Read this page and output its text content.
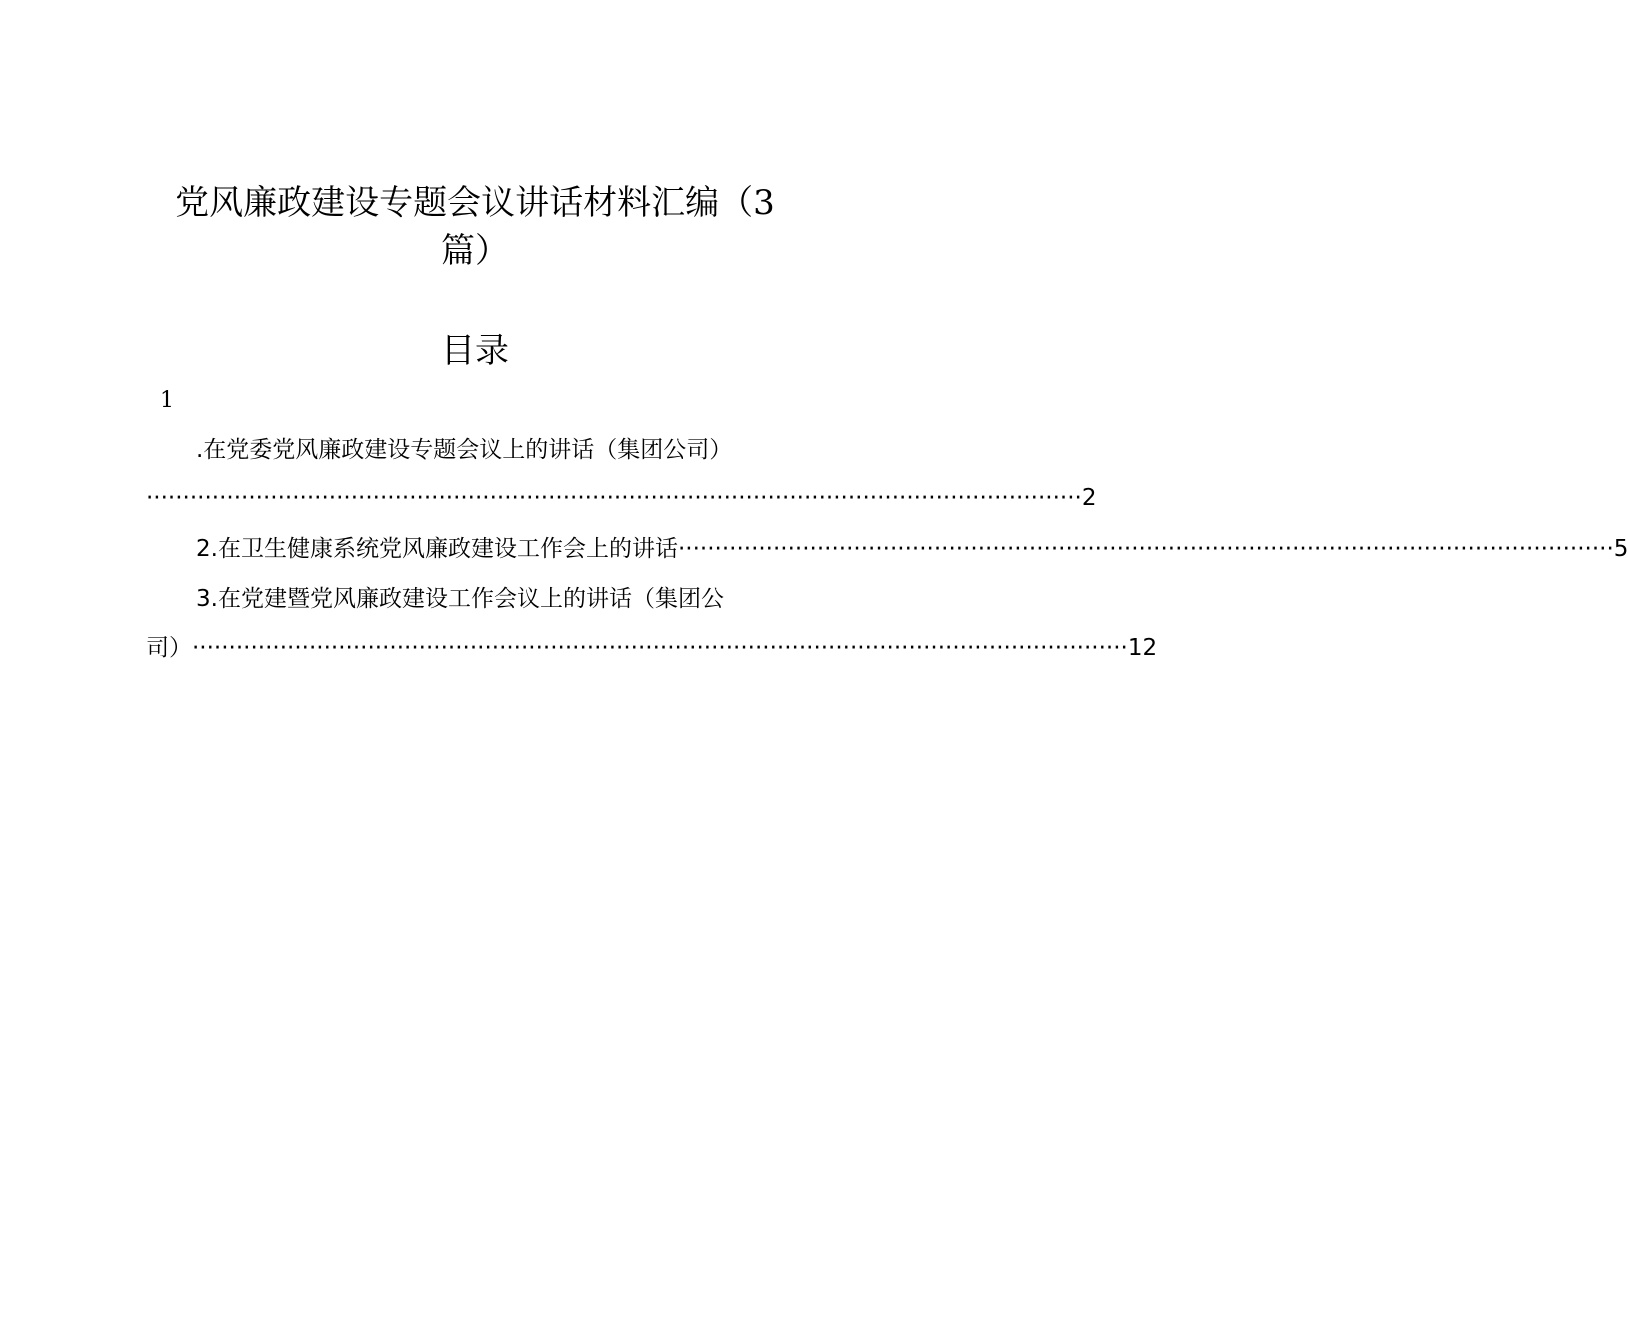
党风廉政建设专题会议讲话材料汇编（3
篇）
目录
1
.在党委党风廉政建设专题会议上的讲话（集团公司）
································································································································ 2
2.在卫生健康系统党风廉政建设工作会上的讲话 ································································································································ 5
3.在党建暨党风廉政建设工作会议上的讲话（集团公
司） ································································································································ 12
